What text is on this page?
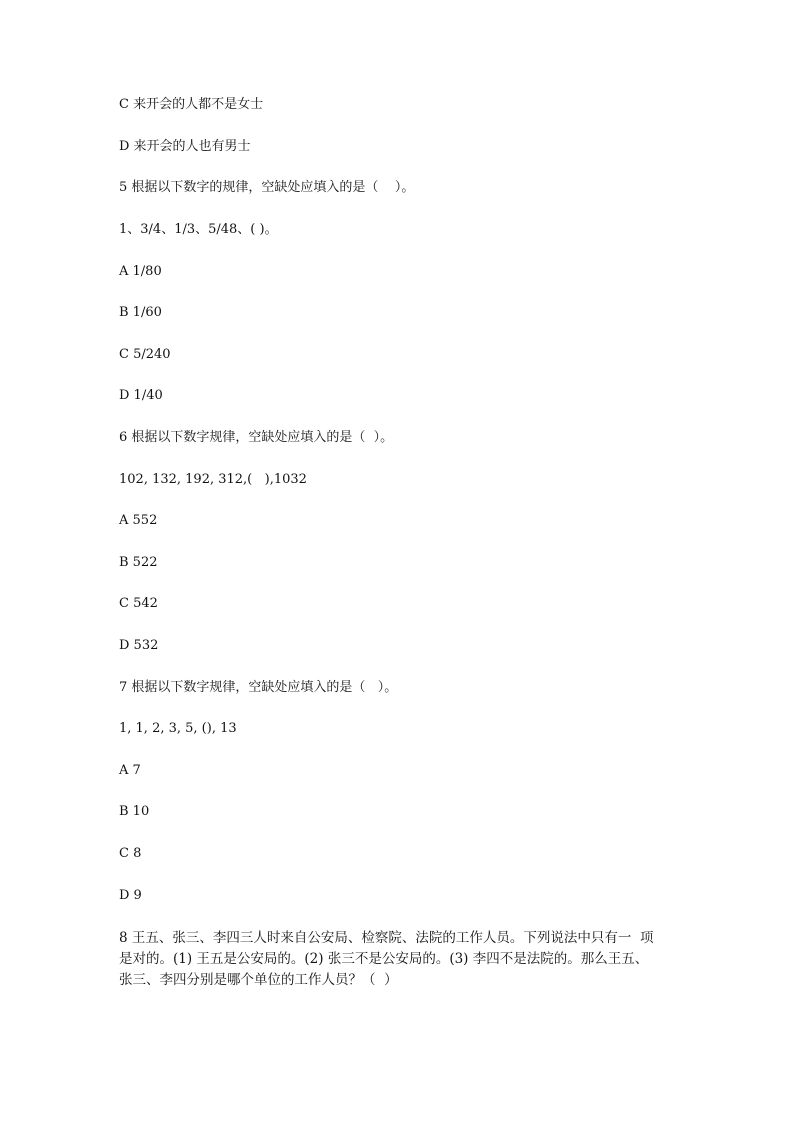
C 来开会的人都不是女士
D 来开会的人也有男士
5 根据以下数字的规律，空缺处应填入的是（    ）。
1、3/4、1/3、5/48、( )。
A 1/80
B 1/60
C 5/240
D 1/40
6 根据以下数字规律，空缺处应填入的是（  ）。
102, 132, 192, 312,(   ),1032
A 552
B 522
C 542
D 532
7 根据以下数字规律，空缺处应填入的是（   ）。
1, 1, 2, 3, 5, (), 13
A 7
B 10
C 8
D 9
8 王五、张三、李四三人时来自公安局、检察院、法院的工作人员。下列说法中只有一  项
是对的。(1) 王五是公安局的。(2) 张三不是公安局的。(3) 李四不是法院的。那么王五、
张三、李四分别是哪个单位的工作人员？（  ）
